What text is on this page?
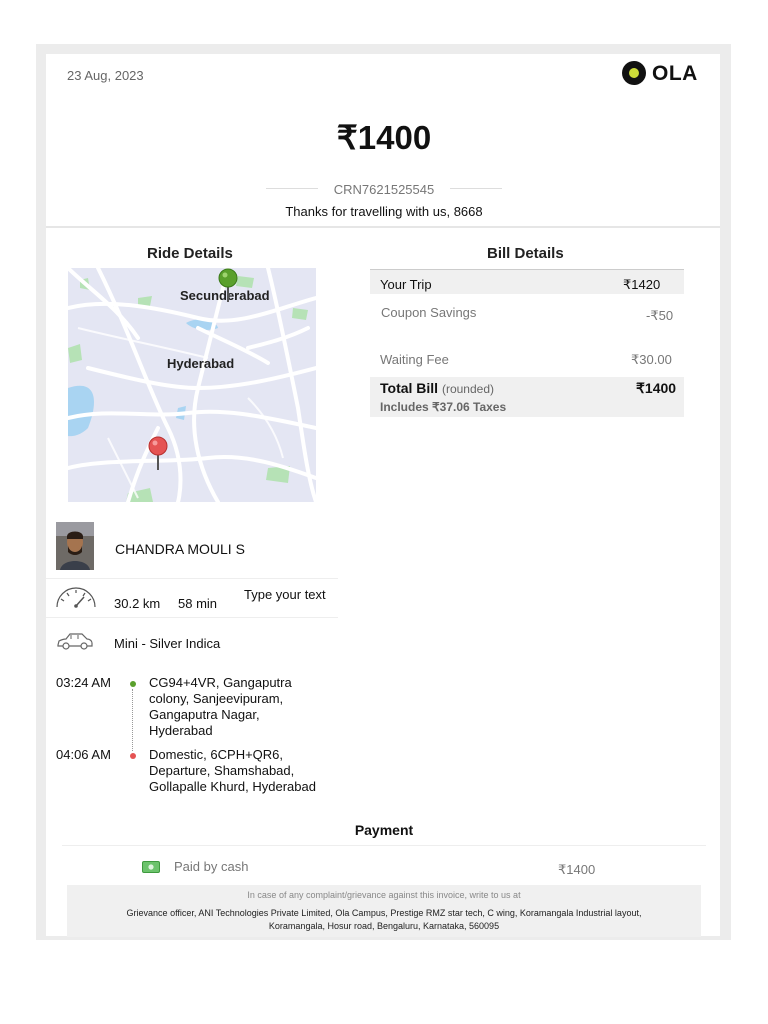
23 Aug, 2023	OLA
₹1400
CRN7621525545
Thanks for travelling with us, 8668
Ride Details
Secunderabad
Hyderabad
CHANDRA MOULI S
30.2 km 58 min
Type your text
Mini - Silver Indica
03:24 AM	CG94+4VR, Gangaputra colony, Sanjeevipuram, Gangaputra Nagar, Hyderabad
04:06 AM	Domestic, 6CPH+QR6, Departure, Shamshabad, Gollapalle Khurd, Hyderabad
Bill Details
Your Trip	₹1420
Coupon Savings	-₹50
Waiting Fee	₹30.00
Total Bill (rounded)	₹1400
Includes ₹37.06 Taxes
Payment
Paid by cash	₹1400
In case of any complaint/grievance against this invoice, write to us at
Grievance officer, ANI Technologies Private Limited, Ola Campus, Prestige RMZ star tech, C wing, Koramangala Industrial layout, Koramangala, Hosur road, Bengaluru, Karnataka, 560095
